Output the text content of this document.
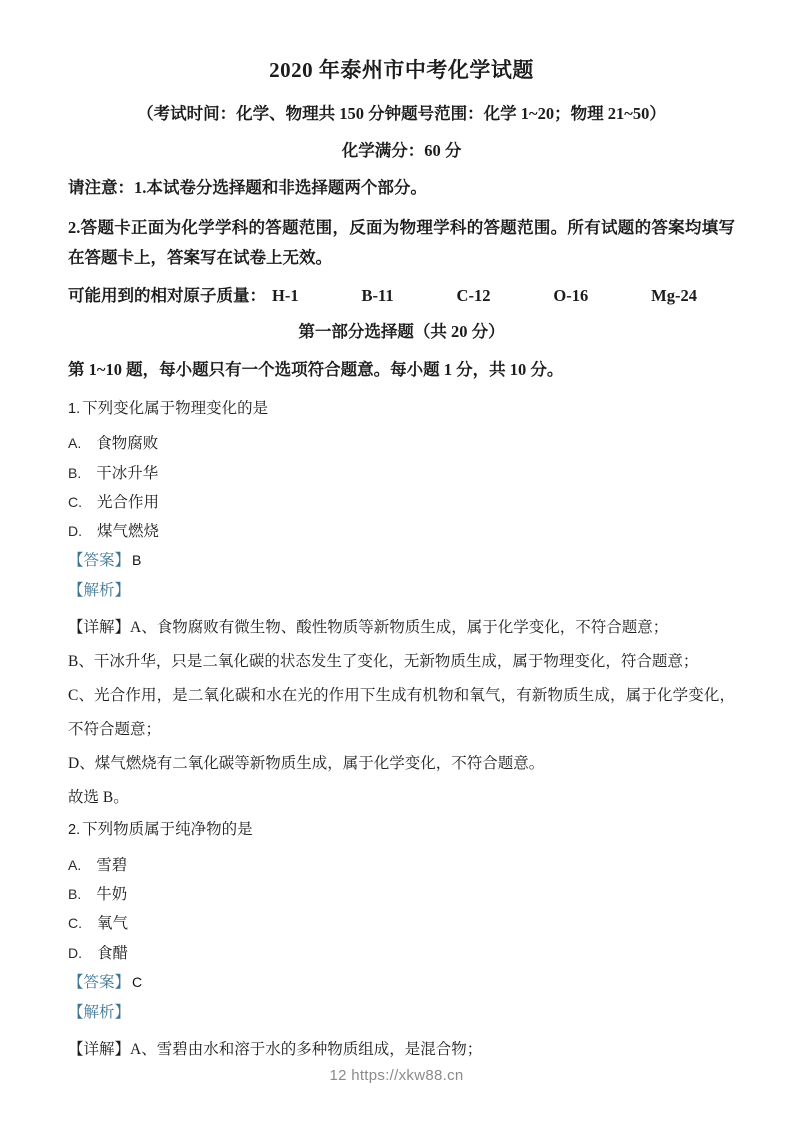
2020 年泰州市中考化学试题
（考试时间：化学、物理共 150 分钟题号范围：化学 1~20；物理 21~50）
化学满分：60 分
请注意：1.本试卷分选择题和非选择题两个部分。
2.答题卡正面为化学学科的答题范围，反面为物理学科的答题范围。所有试题的答案均填写在答题卡上，答案写在试卷上无效。
可能用到的相对原子质量： H-1	B-11	C-12	O-16	Mg-24
第一部分选择题（共 20 分）
第 1~10 题，每小题只有一个选项符合题意。每小题 1 分，共 10 分。

1. 下列变化属于物理变化的是

A. 食物腐败

B. 干冰升华

C. 光合作用

D. 煤气燃烧

【答案】 B

【解析】

【详解】A、食物腐败有微生物、酸性物质等新物质生成，属于化学变化，不符合题意；

B、干冰升华，只是二氧化碳的状态发生了变化，无新物质生成，属于物理变化，符合题意；

C、光合作用，是二氧化碳和水在光的作用下生成有机物和氧气，有新物质生成，属于化学变化，不符合题意；

D、煤气燃烧有二氧化碳等新物质生成，属于化学变化，不符合题意。

故选 B。

2. 下列物质属于纯净物的是

A. 雪碧

B. 牛奶

C. 氧气

D. 食醋

【答案】 C

【解析】

【详解】A、雪碧由水和溶于水的多种物质组成，是混合物；

12 https://xkw88.cn
